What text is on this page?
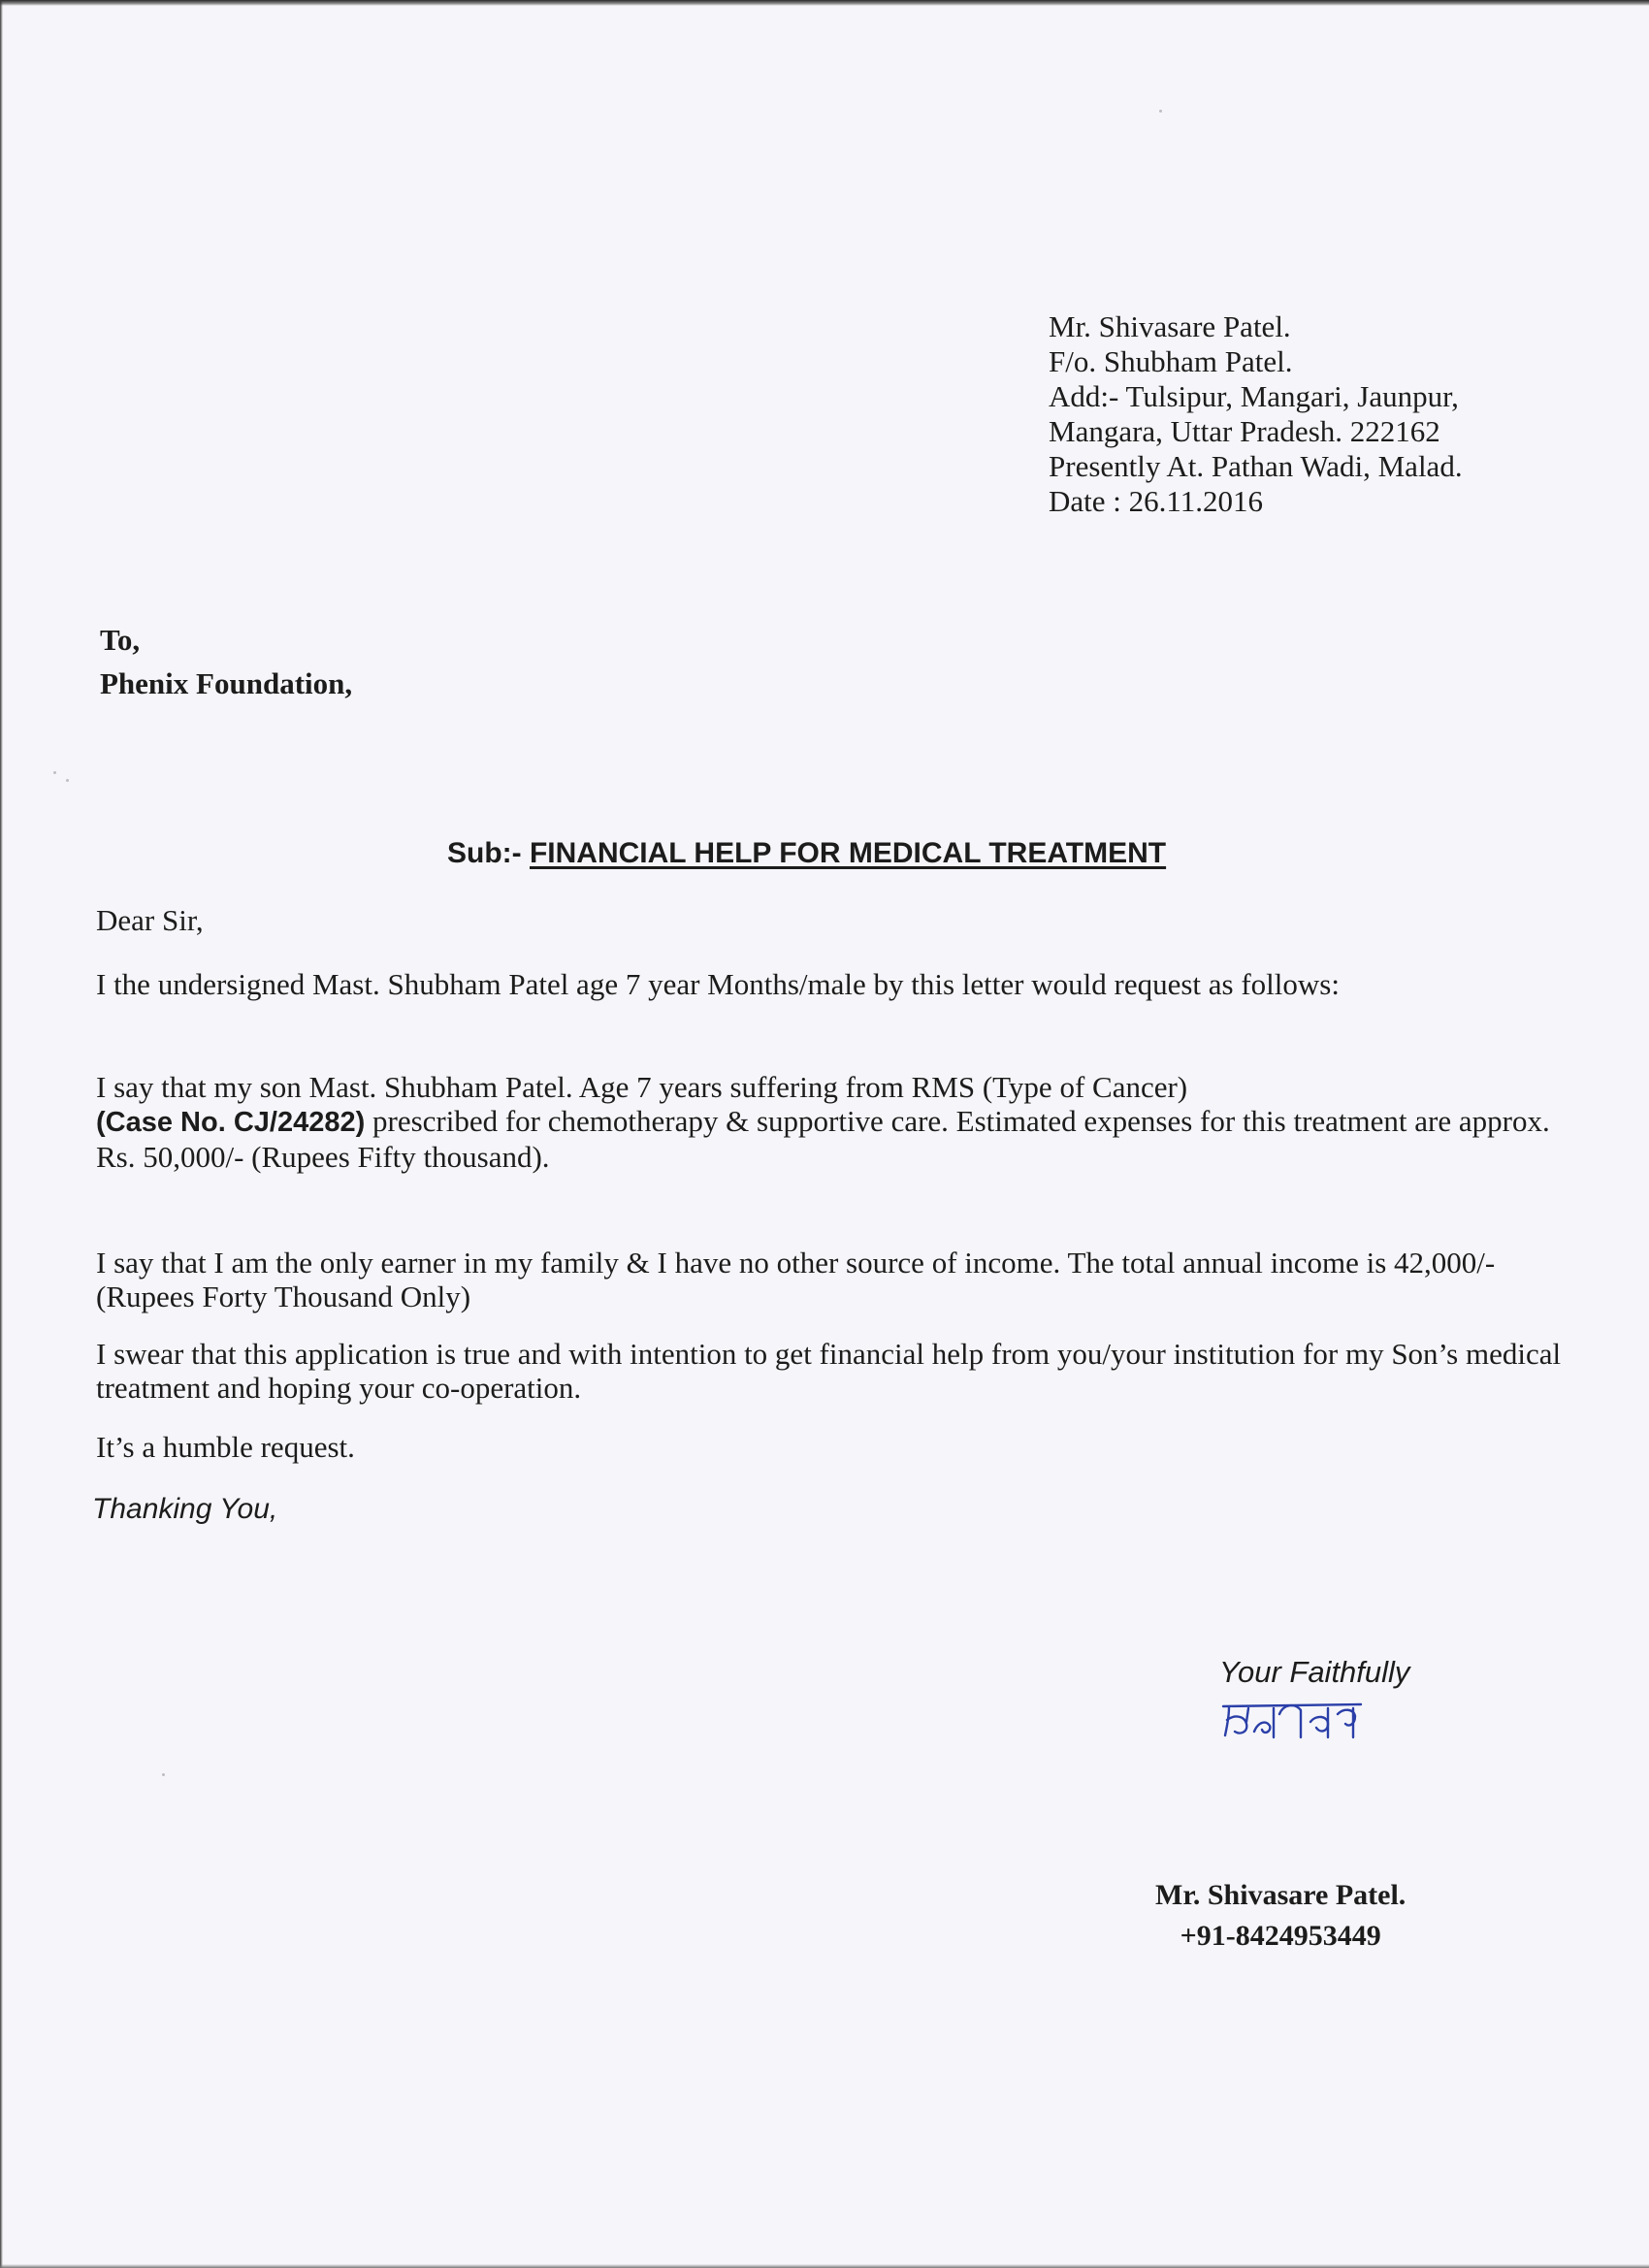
Mr. Shivasare Patel.
F/o. Shubham Patel.
Add:- Tulsipur, Mangari, Jaunpur,
Mangara, Uttar Pradesh. 222162
Presently At. Pathan Wadi, Malad.
Date : 26.11.2016
To,
Phenix Foundation,
Sub:- FINANCIAL HELP FOR MEDICAL TREATMENT
Dear Sir,
I the undersigned Mast. Shubham Patel age 7 year Months/male by this letter would request as follows:
I say that my son Mast. Shubham Patel. Age 7 years suffering from RMS (Type of Cancer)
(Case No. CJ/24282) prescribed for chemotherapy & supportive care. Estimated expenses for this treatment are approx. Rs. 50,000/- (Rupees Fifty thousand).
I say that I am the only earner in my family & I have no other source of income. The total annual income is 42,000/- (Rupees Forty Thousand Only)
I swear that this application is true and with intention to get financial help from you/your institution for my Son’s medical treatment and hoping your co-operation.
It’s a humble request.
Thanking You,
Your Faithfully
Mr. Shivasare Patel.
+91-8424953449
